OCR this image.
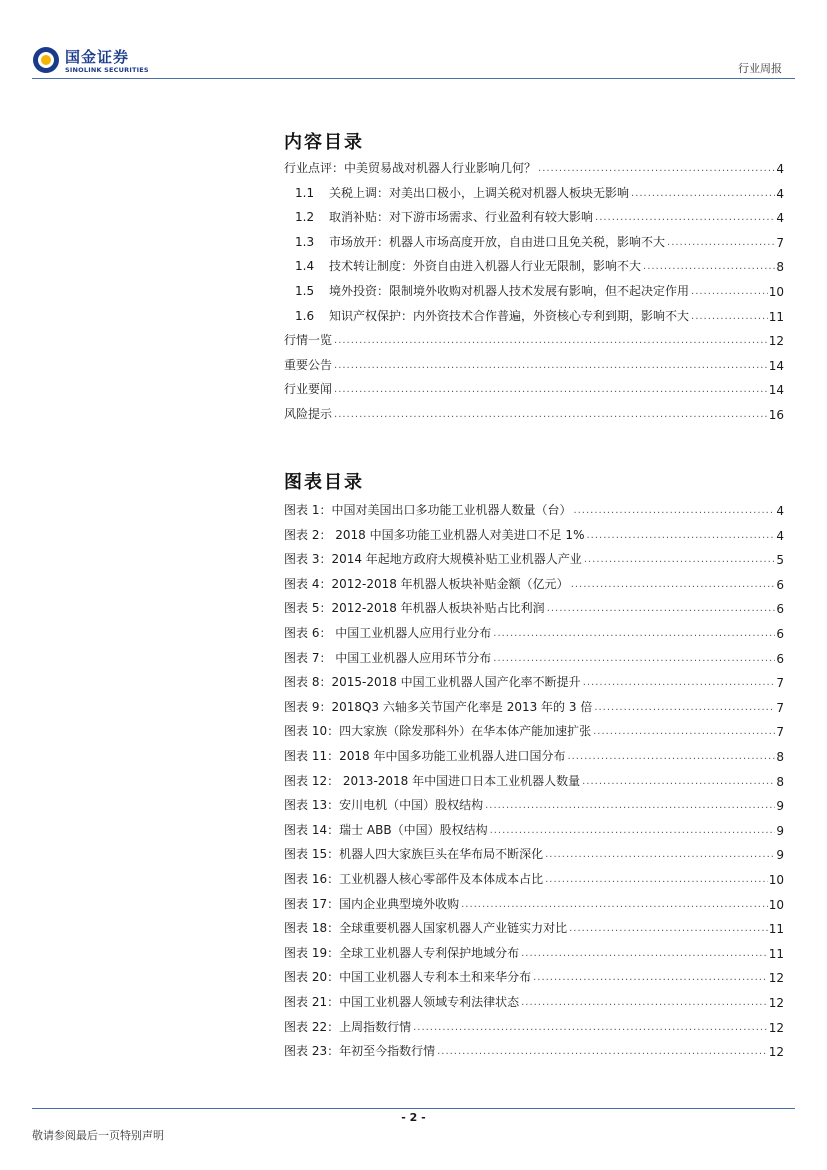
国金证券
SINOLINK SECURITIES	行业周报
内容目录
行业点评：中美贸易战对机器人行业影响几何？ .....	4
1.1 关税上调：对美出口极小，上调关税对机器人板块无影响 .....	4
1.2 取消补贴：对下游市场需求、行业盈利有较大影响 .....	4
1.3 市场放开：机器人市场高度开放，自由进口且免关税，影响不大 .....	7
1.4 技术转让制度：外资自由进入机器人行业无限制，影响不大 .....	8
1.5 境外投资：限制境外收购对机器人技术发展有影响，但不起决定作用 .....	10
1.6 知识产权保护：内外资技术合作普遍，外资核心专利到期，影响不大 .....	11
行情一览 .....	12
重要公告 .....	14
行业要闻 .....	14
风险提示 .....	16
图表目录
图表 1：中国对美国出口多功能工业机器人数量（台） .....	4
图表 2： 2018 中国多功能工业机器人对美进口不足 1% .....	4
图表 3：2014 年起地方政府大规模补贴工业机器人产业 .....	5
图表 4：2012-2018 年机器人板块补贴金额（亿元） .....	6
图表 5：2012-2018 年机器人板块补贴占比利润 .....	6
图表 6： 中国工业机器人应用行业分布 .....	6
图表 7： 中国工业机器人应用环节分布 .....	6
图表 8：2015-2018 中国工业机器人国产化率不断提升 .....	7
图表 9：2018Q3 六轴多关节国产化率是 2013 年的 3 倍 .....	7
图表 10：四大家族（除发那科外）在华本体产能加速扩张 .....	7
图表 11：2018 年中国多功能工业机器人进口国分布 .....	8
图表 12： 2013-2018 年中国进口日本工业机器人数量 .....	8
图表 13：安川电机（中国）股权结构 .....	9
图表 14：瑞士 ABB（中国）股权结构 .....	9
图表 15：机器人四大家族巨头在华布局不断深化 .....	9
图表 16：工业机器人核心零部件及本体成本占比 .....	10
图表 17：国内企业典型境外收购 .....	10
图表 18：全球重要机器人国家机器人产业链实力对比 .....	11
图表 19：全球工业机器人专利保护地域分布 .....	11
图表 20：中国工业机器人专利本土和来华分布 .....	12
图表 21：中国工业机器人领域专利法律状态 .....	12
图表 22：上周指数行情 .....	12
图表 23：年初至今指数行情 .....	12
- 2 -
敬请参阅最后一页特别声明
